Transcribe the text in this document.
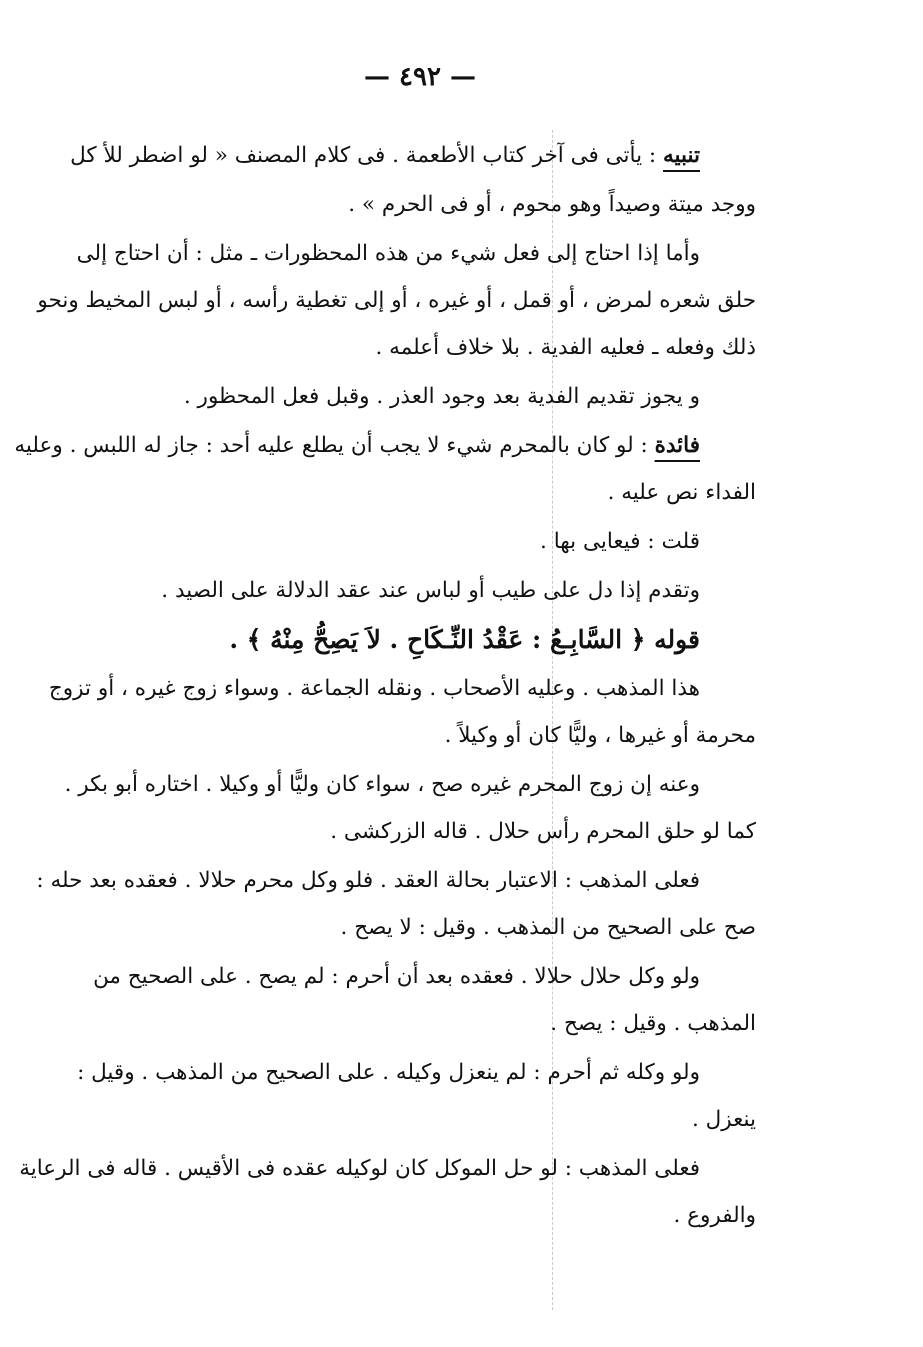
— ٤٩٢ —
تنبيه : يأتى فى آخر كتاب الأطعمة . فى كلام المصنف « لو اضطر للأ كل
ووجد ميتة وصيداً وهو محوم ، أو فى الحرم » .
وأما إذا احتاج إلى فعل شيء من هذه المحظورات ـ مثل : أن احتاج إلى
حلق شعره لمرض ، أو قمل ، أو غيره ، أو إلى تغطية رأسه ، أو لبس المخيط ونحو
ذلك وفعله ـ فعليه الفدية . بلا خلاف أعلمه .
و يجوز تقديم الفدية بعد وجود العذر . وقبل فعل المحظور .
فائدة : لو كان بالمحرم شيء لا يجب أن يطلع عليه أحد : جاز له اللبس . وعليه
الفداء نص عليه .
قلت : فيعايى بها .
وتقدم إذا دل على طيب أو لباس عند عقد الدلالة على الصيد .
قوله ﴿ السَّابِـعُ : عَقْدُ النِّـكَاحِ . لاَ يَصِحُّ مِنْهُ ﴾ .
هذا المذهب . وعليه الأصحاب . ونقله الجماعة . وسواء زوج غيره ، أو تزوج
محرمة أو غيرها ، وليًّا كان أو وكيلاً .
وعنه إن زوج المحرم غيره صح ، سواء كان وليًّا أو وكيلا . اختاره أبو بكر .
كما لو حلق المحرم رأس حلال . قاله الزركشى .
فعلى المذهب : الاعتبار بحالة العقد . فلو وكل محرم حلالا . فعقده بعد حله :
صح على الصحيح من المذهب . وقيل : لا يصح .
ولو وكل حلال حلالا . فعقده بعد أن أحرم : لم يصح . على الصحيح من
المذهب . وقيل : يصح .
ولو وكله ثم أحرم : لم ينعزل وكيله . على الصحيح من المذهب . وقيل :
ينعزل .
فعلى المذهب : لو حل الموكل كان لوكيله عقده فى الأقيس . قاله فى الرعاية
والفروع .
